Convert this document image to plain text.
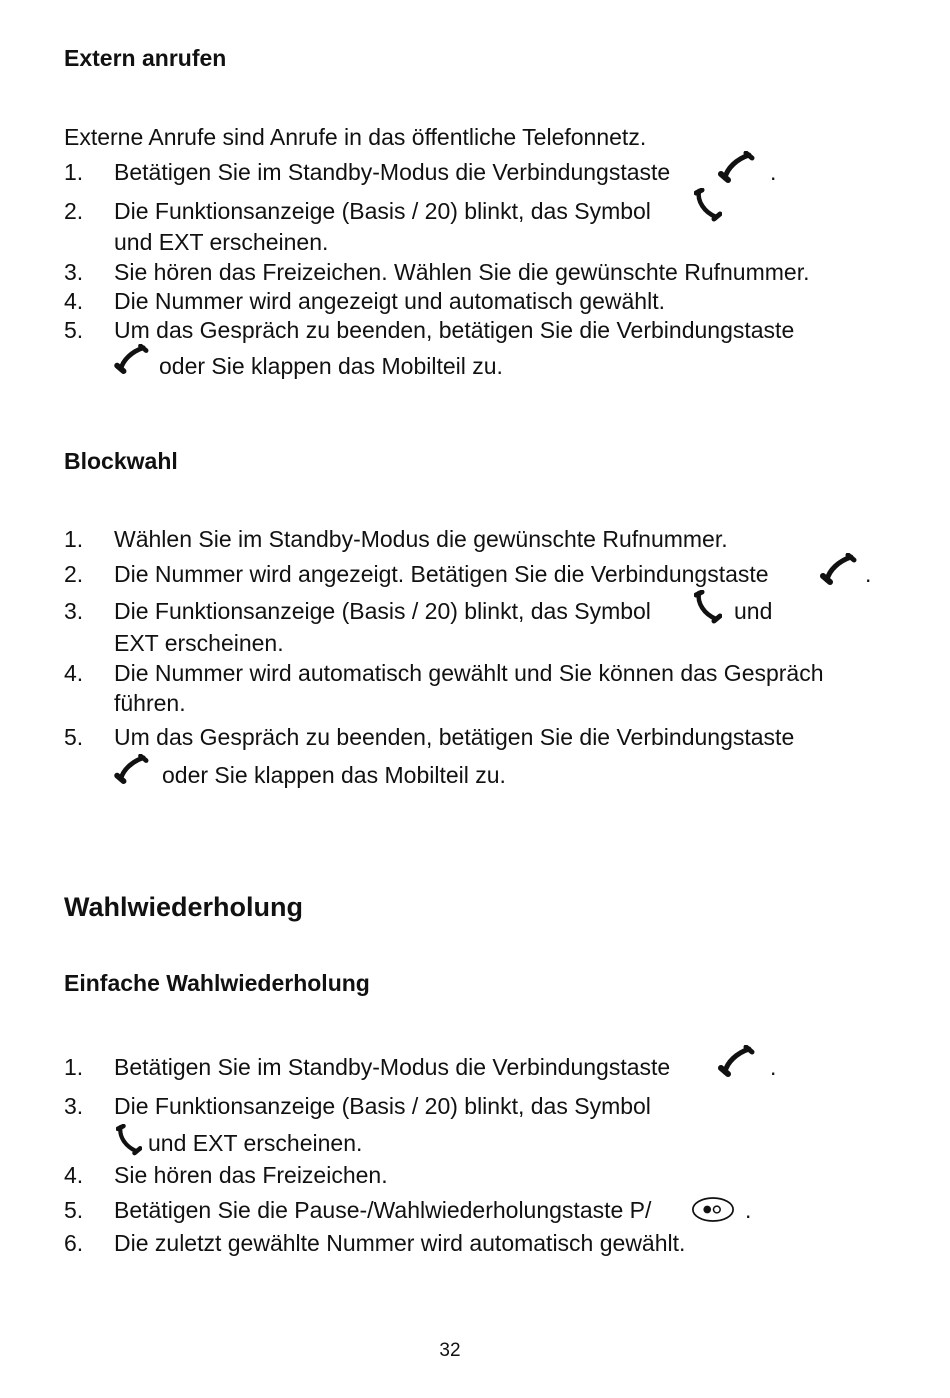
Extern anrufen
Externe Anrufe sind Anrufe in das öffentliche Telefonnetz.
1. Betätigen Sie im Standby-Modus die Verbindungstaste	.
2. Die Funktionsanzeige (Basis / 20) blinkt, das Symbol
und EXT erscheinen.
3. Sie hören das Freizeichen. Wählen Sie die gewünschte Rufnummer.
4. Die Nummer wird angezeigt und automatisch gewählt.
5. Um das Gespräch zu beenden, betätigen Sie die Verbindungstaste
oder Sie klappen das Mobilteil zu.
Blockwahl
1. Wählen Sie im Standby-Modus die gewünschte Rufnummer.
2. Die Nummer wird angezeigt. Betätigen Sie die Verbindungstaste	.
3. Die Funktionsanzeige (Basis / 20) blinkt, das Symbol	und
EXT erscheinen.
4. Die Nummer wird automatisch gewählt und Sie können das Gespräch
führen.
5. Um das Gespräch zu beenden, betätigen Sie die Verbindungstaste
oder Sie klappen das Mobilteil zu.
Wahlwiederholung
Einfache Wahlwiederholung
1. Betätigen Sie im Standby-Modus die Verbindungstaste	.
3. Die Funktionsanzeige (Basis / 20) blinkt, das Symbol
und EXT erscheinen.
4. Sie hören das Freizeichen.
5. Betätigen Sie die Pause-/Wahlwiederholungstaste P/	.
6. Die zuletzt gewählte Nummer wird automatisch gewählt.
32
